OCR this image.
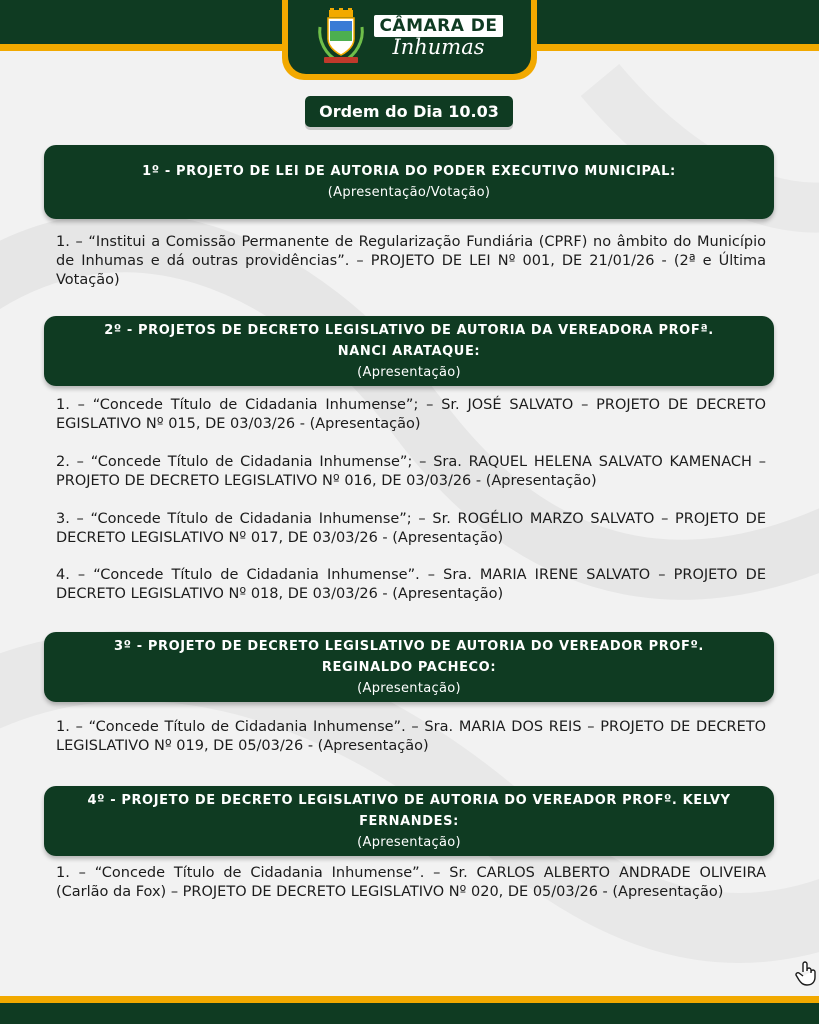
CÂMARA DE
Inhumas
Ordem do Dia 10.03
1º - PROJETO DE LEI DE AUTORIA DO PODER EXECUTIVO MUNICIPAL:
(Apresentação/Votação)
1. – “Institui a Comissão Permanente de Regularização Fundiária (CPRF) no âmbito do Município de Inhumas e dá outras providências”. – PROJETO DE LEI Nº 001, DE 21/01/26 - (2ª e Última Votação)
2º - PROJETOS DE DECRETO LEGISLATIVO DE AUTORIA DA VEREADORA PROFª. NANCI ARATAQUE:
(Apresentação)
1. – “Concede Título de Cidadania Inhumense”; – Sr. JOSÉ SALVATO – PROJETO DE DECRETO EGISLATIVO Nº 015, DE 03/03/26 - (Apresentação)
2. – “Concede Título de Cidadania Inhumense”; – Sra. RAQUEL HELENA SALVATO KAMENACH – PROJETO DE DECRETO LEGISLATIVO Nº 016, DE 03/03/26 - (Apresentação)
3. – “Concede Título de Cidadania Inhumense”; – Sr. ROGÉLIO MARZO SALVATO – PROJETO DE DECRETO LEGISLATIVO Nº 017, DE 03/03/26 - (Apresentação)
4. – “Concede Título de Cidadania Inhumense”. – Sra. MARIA IRENE SALVATO – PROJETO DE DECRETO LEGISLATIVO Nº 018, DE 03/03/26 - (Apresentação)
3º - PROJETO DE DECRETO LEGISLATIVO DE AUTORIA DO VEREADOR PROFº. REGINALDO PACHECO:
(Apresentação)
1. – “Concede Título de Cidadania Inhumense”. – Sra. MARIA DOS REIS – PROJETO DE DECRETO LEGISLATIVO Nº 019, DE 05/03/26 - (Apresentação)
4º - PROJETO DE DECRETO LEGISLATIVO DE AUTORIA DO VEREADOR PROFº. KELVY FERNANDES:
(Apresentação)
1. – “Concede Título de Cidadania Inhumense”. – Sr. CARLOS ALBERTO ANDRADE OLIVEIRA (Carlão da Fox) – PROJETO DE DECRETO LEGISLATIVO Nº 020, DE 05/03/26 - (Apresentação)
